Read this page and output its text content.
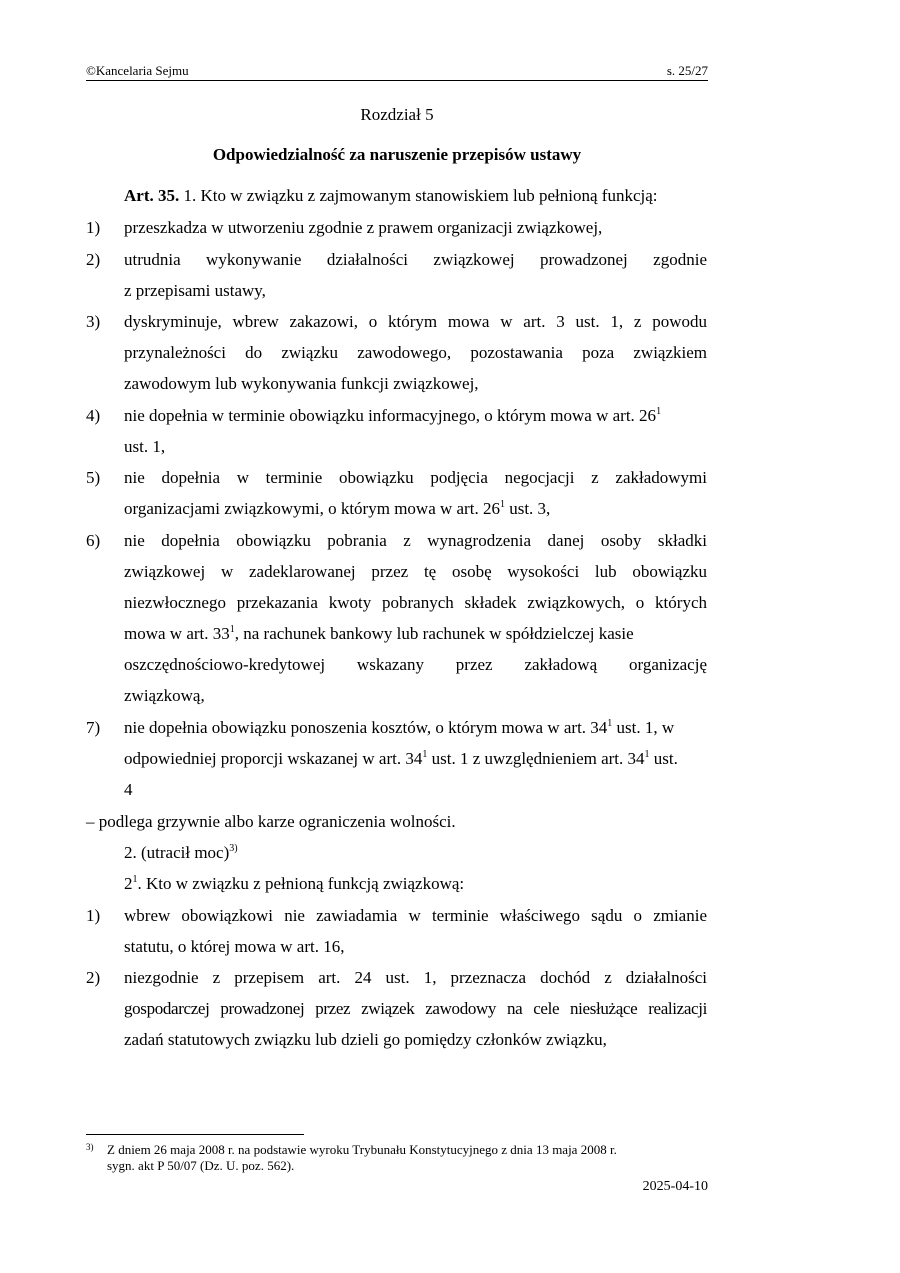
©Kancelaria Sejmu	s. 25/27
Rozdział 5
Odpowiedzialność za naruszenie przepisów ustawy
Art. 35. 1. Kto w związku z zajmowanym stanowiskiem lub pełnioną funkcją:
1) przeszkadza w utworzeniu zgodnie z prawem organizacji związkowej,
2) utrudnia wykonywanie działalności związkowej prowadzonej zgodnie
z przepisami ustawy,
3) dyskryminuje, wbrew zakazowi, o którym mowa w art. 3 ust. 1, z powodu
przynależności do związku zawodowego, pozostawania poza związkiem
zawodowym lub wykonywania funkcji związkowej,
4) nie dopełnia w terminie obowiązku informacyjnego, o którym mowa w art. $26^1$
ust. 1,
5) nie dopełnia w terminie obowiązku podjęcia negocjacji z zakładowymi
organizacjami związkowymi, o którym mowa w art. $26^1$ ust. 3,
6) nie dopełnia obowiązku pobrania z wynagrodzenia danej osoby składki
związkowej w zadeklarowanej przez tę osobę wysokości lub obowiązku
niezwłocznego przekazania kwoty pobranych składek związkowych, o których
mowa w art. $33^1$, na rachunek bankowy lub rachunek w spółdzielczej kasie
oszczędnościowo-kredytowej wskazany przez zakładową organizację
związkową,
7) nie dopełnia obowiązku ponoszenia kosztów, o którym mowa w art. $34^1$ ust. 1, w
odpowiedniej proporcji wskazanej w art. $34^1$ ust. 1 z uwzględnieniem art. $34^1$ ust.
4
– podlega grzywnie albo karze ograniczenia wolności.
2. (utracił moc)$^{3)}$
$2^1$. Kto w związku z pełnioną funkcją związkową:
1) wbrew obowiązkowi nie zawiadamia w terminie właściwego sądu o zmianie
statutu, o której mowa w art. 16,
2) niezgodnie z przepisem art. 24 ust. 1, przeznacza dochód z działalności
gospodarczej prowadzonej przez związek zawodowy na cele niesłużące realizacji
zadań statutowych związku lub dzieli go pomiędzy członków związku,
3) Z dniem 26 maja 2008 r. na podstawie wyroku Trybunału Konstytucyjnego z dnia 13 maja 2008 r.
sygn. akt P 50/07 (Dz. U. poz. 562).
2025-04-10
